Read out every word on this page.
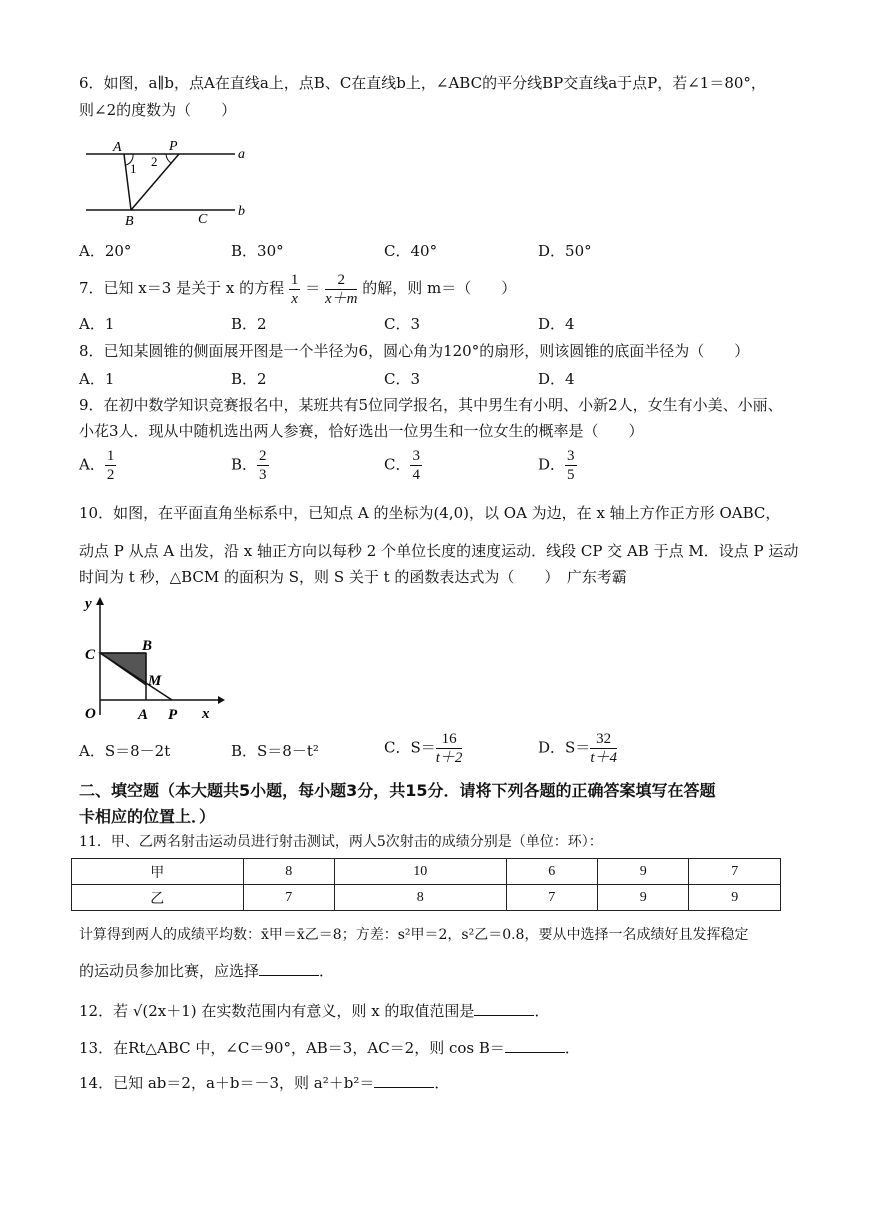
6．如图，a∥b，点A在直线a上，点B、C在直线b上，∠ABC的平分线BP交直线a于点P，若∠1＝80°，
则∠2的度数为（　　）
A	P
a
1 2
B	C
b
A．20°	B．30°	C．40°	D．50°
7．已知 x＝3 是关于 x 的方程 $\frac{1}{x} = \frac{2}{x+m}$ 的解，则 m＝（　　）
A．1	B．2	C．3	D．4
8．已知某圆锥的侧面展开图是一个半径为6，圆心角为120°的扇形，则该圆锥的底面半径为（　　）
A．1	B．2	C．3	D．4
9．在初中数学知识竞赛报名中，某班共有5位同学报名，其中男生有小明、小新2人，女生有小美、小丽、
小花3人．现从中随机选出两人参赛，恰好选出一位男生和一位女生的概率是（　　）
A． $\frac{1}{2}$	B． $\frac{2}{3}$	C． $\frac{3}{4}$	D． $\frac{3}{5}$
10．如图，在平面直角坐标系中，已知点 A 的坐标为(4,0)，以 OA 为边，在 x 轴上方作正方形 OABC，
动点 P 从点 A 出发，沿 x 轴正方向以每秒 2 个单位长度的速度运动．线段 CP 交 AB 于点 M．设点 P 运动
时间为 t 秒，△BCM 的面积为 S，则 S 关于 t 的函数表达式为（　　）　广东考霸
y
C
B
M
O	A P x
A．S＝8－2t	B．S＝8－t²	C．$S= \frac{16}{t+2}$	D．$S= \frac{32}{t+4}$
二、填空题（本大题共5小题，每小题3分，共15分．请将下列各题的正确答案填写在答题
卡相应的位置上．）
11．甲、乙两名射击运动员进行射击测试，两人5次射击的成绩分别是（单位：环）：
甲	8	10	6	9	7
乙	7	8	7	9	9
计算得到两人的成绩平均数：x̄甲＝x̄乙＝8；方差：s²甲＝2，s²乙＝0.8，要从中选择一名成绩好且发挥稳定
的运动员参加比赛，应选择	．
12．若 √(2x＋1) 在实数范围内有意义，则 x 的取值范围是	．
13．在Rt△ABC 中，∠C＝90°，AB＝3，AC＝2，则 cos B＝	．
14．已知 ab＝2，a＋b＝－3，则 a²＋b²＝	．
